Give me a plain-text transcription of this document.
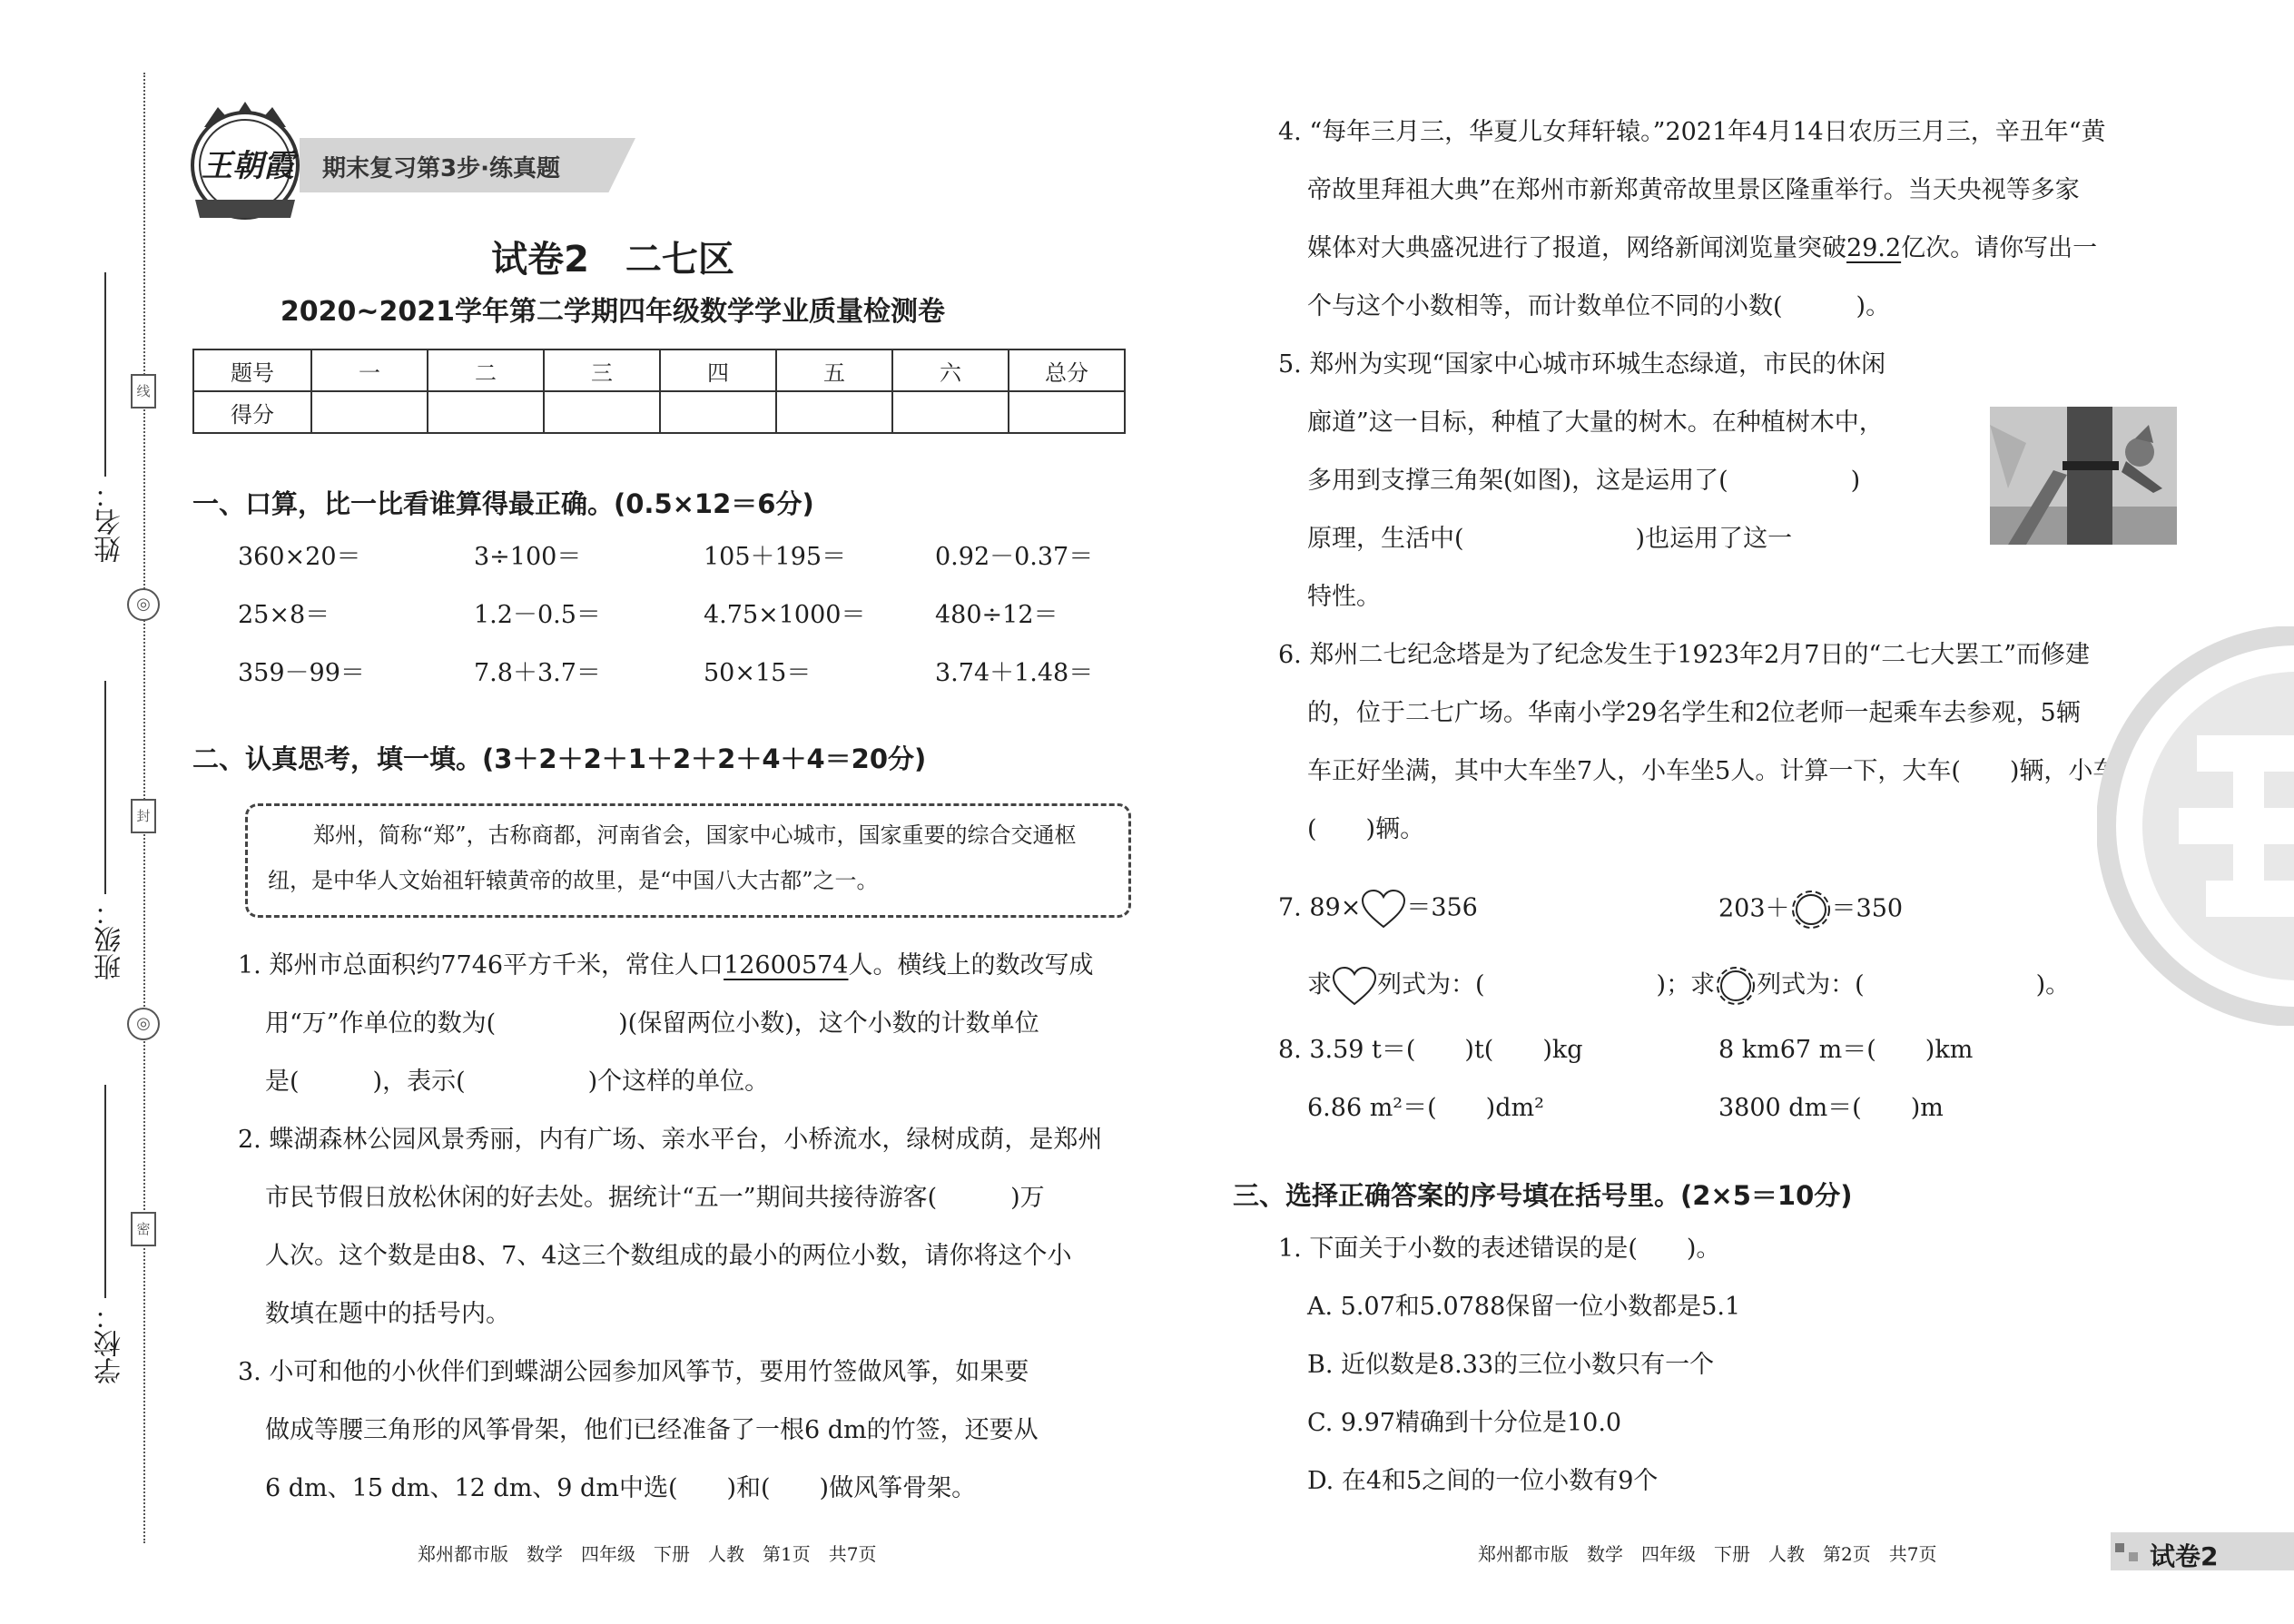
◎
◎
线
封
密
姓名：
班级：
学校：
王朝霞 期末复习第3步·练真题
试卷2　二七区
2020~2021学年第二学期四年级数学学业质量检测卷
题号	一	二	三	四	五	六	总分
得分							
一、口算，比一比看谁算得最正确。(0.5×12＝6分)
360×20＝	3÷100＝	105＋195＝	0.92－0.37＝
25×8＝	1.2－0.5＝	4.75×1000＝	480÷12＝
359－99＝	7.8＋3.7＝	50×15＝	3.74＋1.48＝
二、认真思考，填一填。(3＋2＋2＋1＋2＋2＋4＋4＝20分)
郑州，简称“郑”，古称商都，河南省会，国家中心城市，国家重要的综合交通枢
纽，是中华人文始祖轩辕黄帝的故里，是“中国八大古都”之一。
1. 郑州市总面积约7746平方千米，常住人口12600574人。横线上的数改写成
用“万”作单位的数为(　　　　　)(保留两位小数)，这个小数的计数单位
是(　　　)，表示(　　　　　)个这样的单位。
2. 蝶湖森林公园风景秀丽，内有广场、亲水平台，小桥流水，绿树成荫，是郑州
市民节假日放松休闲的好去处。据统计“五一”期间共接待游客(　　　)万
人次。这个数是由8、7、4这三个数组成的最小的两位小数，请你将这个小
数填在题中的括号内。
3. 小可和他的小伙伴们到蝶湖公园参加风筝节，要用竹签做风筝，如果要
做成等腰三角形的风筝骨架，他们已经准备了一根6 dm的竹签，还要从
6 dm、15 dm、12 dm、9 dm中选(　　)和(　　)做风筝骨架。
4. “每年三月三，华夏儿女拜轩辕。”2021年4月14日农历三月三，辛丑年“黄
帝故里拜祖大典”在郑州市新郑黄帝故里景区隆重举行。当天央视等多家
媒体对大典盛况进行了报道，网络新闻浏览量突破29.2亿次。请你写出一
个与这个小数相等，而计数单位不同的小数(　　　)。
5. 郑州为实现“国家中心城市环城生态绿道，市民的休闲
廊道”这一目标，种植了大量的树木。在种植树木中，
多用到支撑三角架(如图)，这是运用了(　　　　　)
原理，生活中(　　　　　　　)也运用了这一
特性。
6. 郑州二七纪念塔是为了纪念发生于1923年2月7日的“二七大罢工”而修建
的，位于二七广场。华南小学29名学生和2位老师一起乘车去参观，5辆
车正好坐满，其中大车坐7人，小车坐5人。计算一下，大车(　　)辆，小车
(　　)辆。
7. 89× ＝356	203＋ ＝350
求 列式为：(　　　　　　　)；求 列式为：(　　　　　　　)。
8. 3.59 t＝(　　)t(　　)kg	8 km67 m＝(　　)km
6.86 m²＝(　　)dm²	3800 dm＝(　　)m
三、选择正确答案的序号填在括号里。(2×5＝10分)
1. 下面关于小数的表述错误的是(　　)。
A. 5.07和5.0788保留一位小数都是5.1
B. 近似数是8.33的三位小数只有一个
C. 9.97精确到十分位是10.0
D. 在4和5之间的一位小数有9个
郑州都市版　数学　四年级　下册　人教　第1页　共7页	郑州都市版　数学　四年级　下册　人教　第2页　共7页	试卷2
